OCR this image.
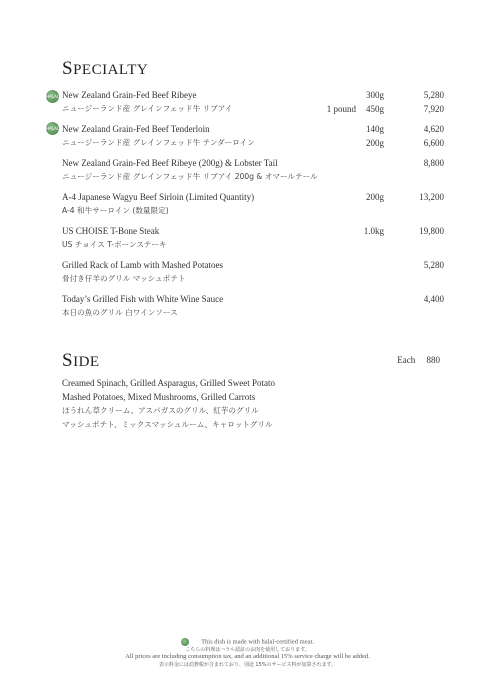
SPECIALTY
HALAL New Zealand Grain-Fed Beef Ribeye	300g	5,280
ニュージーランド産 グレインフェッド牛 リブアイ	1 pound 450g	7,920
HALAL New Zealand Grain-Fed Beef Tenderloin	140g	4,620
ニュージーランド産 グレインフェッド牛 テンダーロイン	200g	6,600
New Zealand Grain-Fed Beef Ribeye (200g) & Lobster Tail	8,800
ニュージーランド産 グレインフェッド牛 リブアイ 200g & オマールテール
A-4 Japanese Wagyu Beef Sirloin (Limited Quantity)	200g	13,200
A-4 和牛サーロイン (数量限定)
US CHOISE T-Bone Steak	1.0kg	19,800
US チョイス T-ボーンステーキ
Grilled Rack of Lamb with Mashed Potatoes	5,280
骨付き仔羊のグリル マッシュポテト
Today’s Grilled Fish with White Wine Sauce	4,400
本日の魚のグリル 白ワインソース
SIDE	Each 880
Creamed Spinach, Grilled Asparagus, Grilled Sweet Potato
Mashed Potatoes, Mixed Mushrooms, Grilled Carrots
ほうれん草クリーム、アスパガスのグリル、紅芋のグリル
マッシュポテト、ミックスマッシュルーム、キャロットグリル
This dish is made with halal-certified meat.
こちらの料理はハラル認証のお肉を使用しております。
All prices are including consumption tax, and an additional 15% service charge will be added.
表示料金には消費税が含まれており、別途 15%のサービス料が加算されます。
